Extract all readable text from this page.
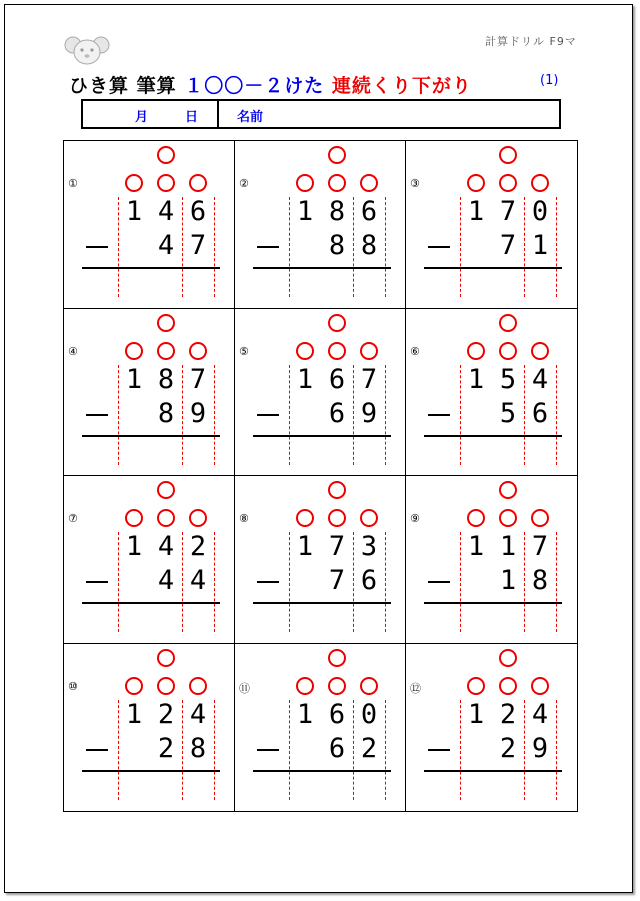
計算ドリル F9マ
ひき算 筆算 １〇〇－２けた 連続くり下がり	(1)
月	日	名前
①
1 4 6
4 7
②
1 8 6
8 8
③
1 7 0
7 1
④
1 8 7
8 9
⑤
1 6 7
6 9
⑥
1 5 4
5 6
⑦
1 4 2
4 4
⑧
1 7 3
7 6
⑨
1 1 7
1 8
⑩
1 2 4
2 8
⑪
1 6 0
6 2
⑫
1 2 4
2 9
